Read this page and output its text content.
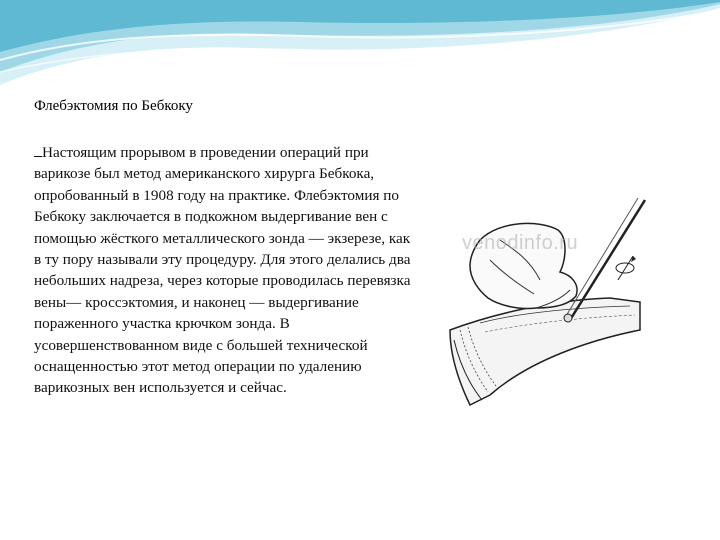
Флебэктомия по Бебкоку

Настоящим прорывом в проведении операций при варикозе был метод американского хирурга Бебкока, опробованный в 1908 году на практике. Флебэктомия по Бебкоку заключается в подкожном выдергивание вен с помощью жёсткого металлического зонда — экзерезе, как в ту пору называли эту процедуру. Для этого делались два небольших надреза, через которые проводилась перевязка вены— кроссэктомия, и наконец — выдергивание пораженного участка крючком зонда. В усовершенствованном виде с большей технической оснащенностью этот метод операции по удалению варикозных вен используется и сейчас.

venodinfo.ru
